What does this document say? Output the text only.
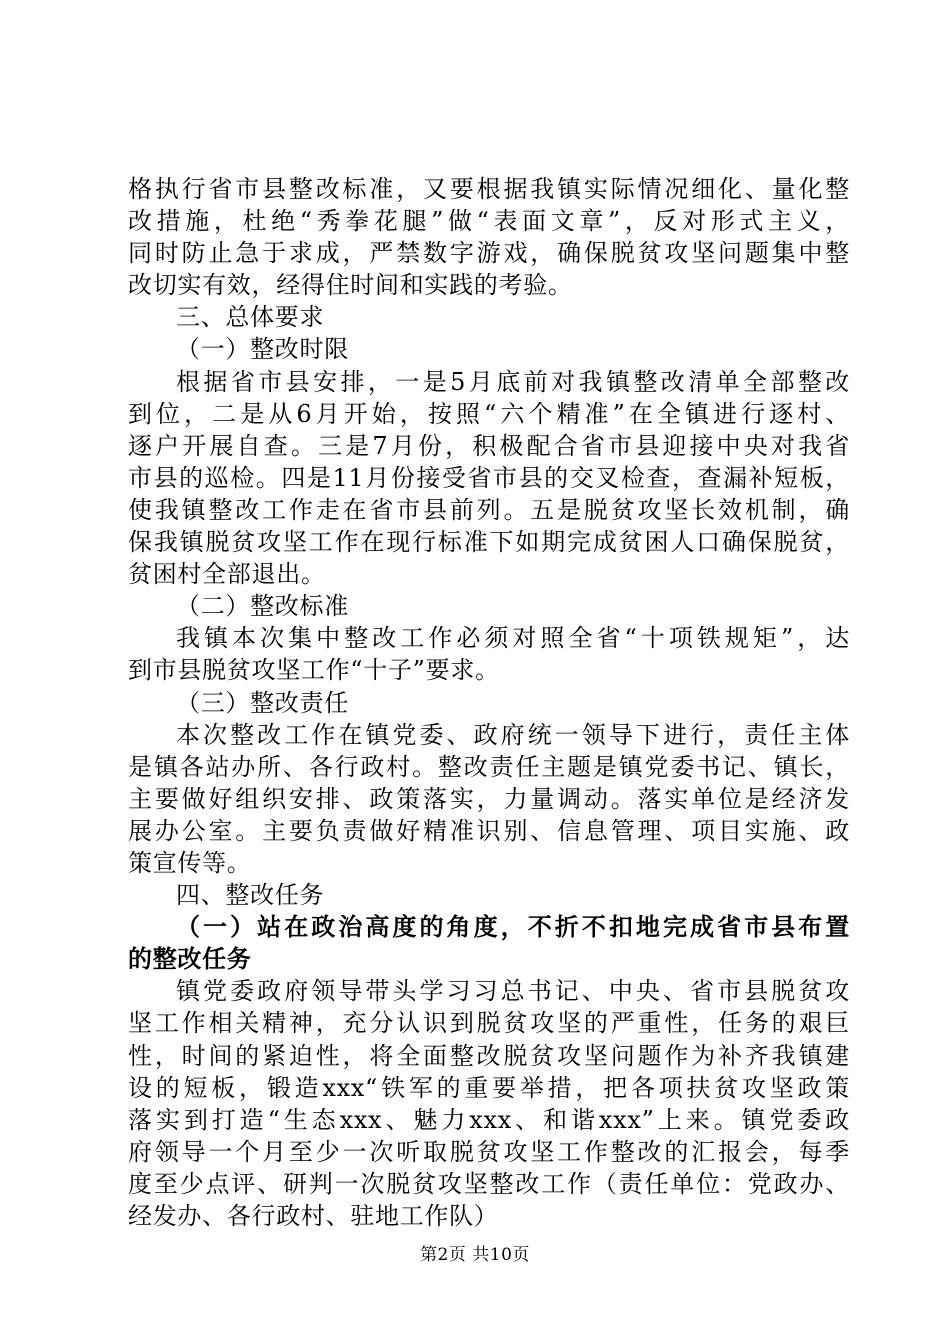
格执行省市县整改标准，又要根据我镇实际情况细化、量化整
改措施，杜绝“秀拳花腿”做“表面文章”，反对形式主义，
同时防止急于求成，严禁数字游戏，确保脱贫攻坚问题集中整
改切实有效，经得住时间和实践的考验。
三、总体要求
（一）整改时限
根据省市县安排，一是5月底前对我镇整改清单全部整改
到位，二是从6月开始，按照“六个精准”在全镇进行逐村、
逐户开展自查。三是7月份，积极配合省市县迎接中央对我省
市县的巡检。四是11月份接受省市县的交叉检查，查漏补短板，
使我镇整改工作走在省市县前列。五是脱贫攻坚长效机制，确
保我镇脱贫攻坚工作在现行标准下如期完成贫困人口确保脱贫，
贫困村全部退出。
（二）整改标准
我镇本次集中整改工作必须对照全省“十项铁规矩”，达
到市县脱贫攻坚工作“十子”要求。
（三）整改责任
本次整改工作在镇党委、政府统一领导下进行，责任主体
是镇各站办所、各行政村。整改责任主题是镇党委书记、镇长，
主要做好组织安排、政策落实，力量调动。落实单位是经济发
展办公室。主要负责做好精准识别、信息管理、项目实施、政
策宣传等。
四、整改任务
（一）站在政治高度的角度，不折不扣地完成省市县布置
的整改任务
镇党委政府领导带头学习习总书记、中央、省市县脱贫攻
坚工作相关精神，充分认识到脱贫攻坚的严重性，任务的艰巨
性，时间的紧迫性，将全面整改脱贫攻坚问题作为补齐我镇建
设的短板，锻造xxx“铁军的重要举措，把各项扶贫攻坚政策
落实到打造“生态xxx、魅力xxx、和谐xxx”上来。镇党委政
府领导一个月至少一次听取脱贫攻坚工作整改的汇报会，每季
度至少点评、研判一次脱贫攻坚整改工作（责任单位：党政办、
经发办、各行政村、驻地工作队）
第2页 共10页
